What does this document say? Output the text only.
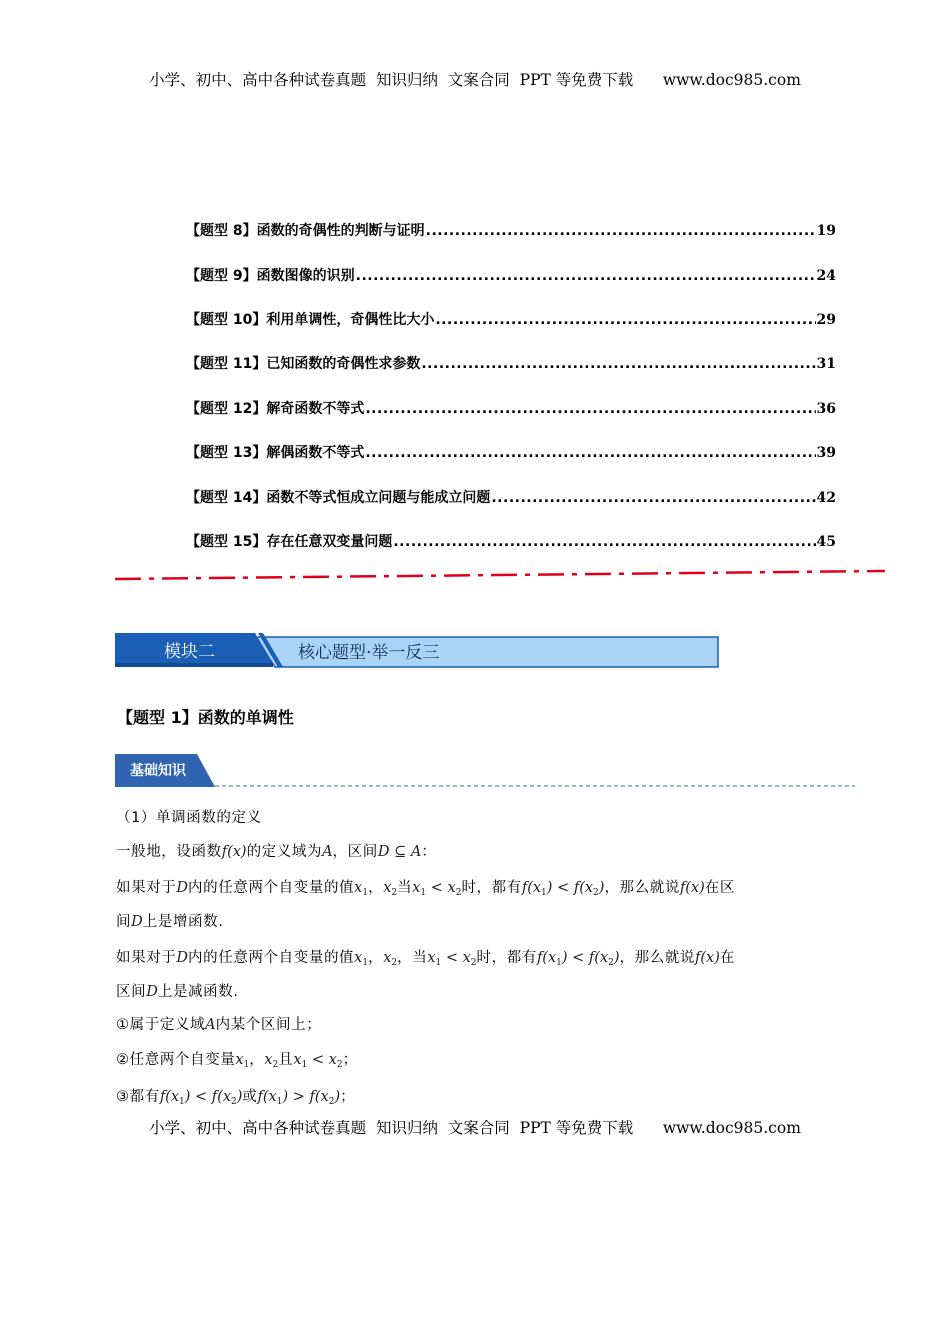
小学、初中、高中各种试卷真题  知识归纳  文案合同  PPT 等免费下载      www.doc985.com
【题型 8】函数的奇偶性的判断与证明 .....	19
【题型 9】函数图像的识别 .....	24
【题型 10】利用单调性，奇偶性比大小 .....	29
【题型 11】已知函数的奇偶性求参数 .....	31
【题型 12】解奇函数不等式 .....	36
【题型 13】解偶函数不等式 .....	39
【题型 14】函数不等式恒成立问题与能成立问题 .....	42
【题型 15】存在任意双变量问题 .....	45
模块二	核心题型·举一反三
【题型 1】函数的单调性
基础知识
（1）单调函数的定义
一般地，设函数f(x)的定义域为A，区间D ⊆ A：
如果对于D内的任意两个自变量的值$x_1$，$x_2$当$x_1 < x_2$时，都有$f(x_1) < f(x_2)$，那么就说f(x)在区
间D上是增函数.
如果对于D内的任意两个自变量的值$x_1$，$x_2$，当$x_1 < x_2$时，都有$f(x_1) < f(x_2)$，那么就说f(x)在
区间D上是减函数.
①属于定义域A内某个区间上；
②任意两个自变量$x_1$，$x_2$且$x_1 < x_2$；
③都有$f(x_1) < f(x_2)$或$f(x_1) > f(x_2)$；
小学、初中、高中各种试卷真题  知识归纳  文案合同  PPT 等免费下载      www.doc985.com
